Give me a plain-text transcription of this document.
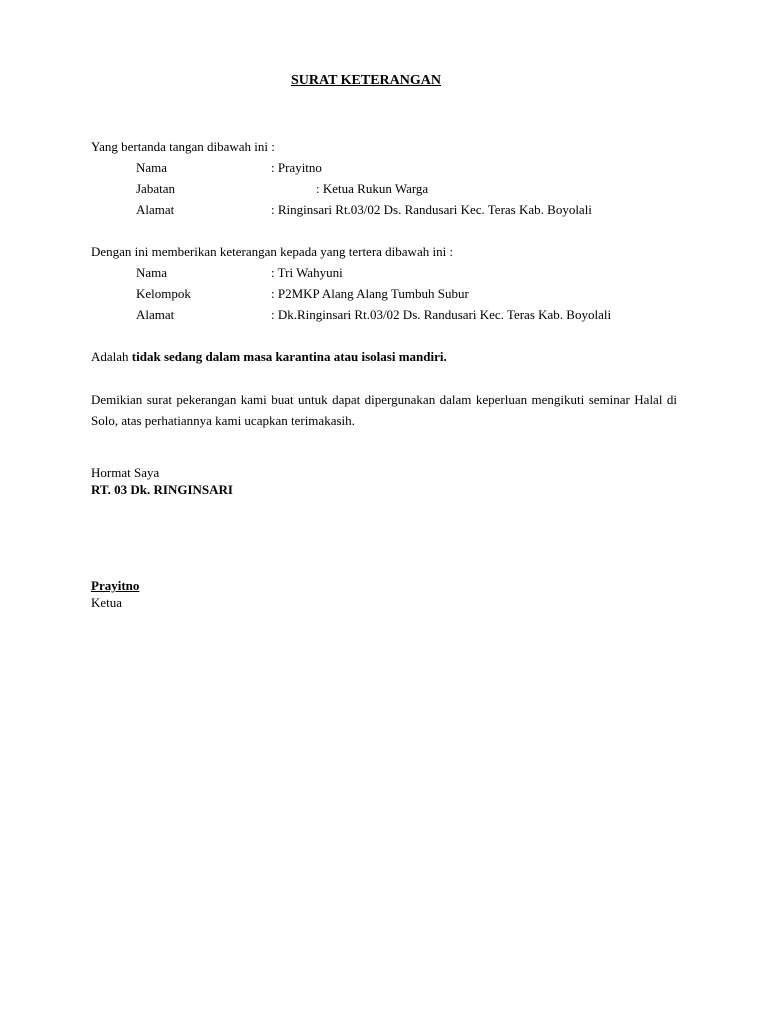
SURAT KETERANGAN
Yang bertanda tangan dibawah ini :
Nama	: Prayitno
Jabatan	: Ketua Rukun Warga
Alamat	: Ringinsari Rt.03/02 Ds. Randusari Kec. Teras Kab. Boyolali
Dengan ini memberikan keterangan kepada yang tertera dibawah ini :
Nama	: Tri Wahyuni
Kelompok	: P2MKP Alang Alang Tumbuh Subur
Alamat	: Dk.Ringinsari Rt.03/02 Ds. Randusari Kec. Teras Kab. Boyolali
Adalah tidak sedang dalam masa karantina atau isolasi mandiri.
Demikian surat pekerangan kami buat untuk dapat dipergunakan dalam keperluan mengikuti seminar Halal di Solo, atas perhatiannya kami ucapkan terimakasih.
Hormat Saya
RT. 03 Dk. RINGINSARI
Prayitno
Ketua
